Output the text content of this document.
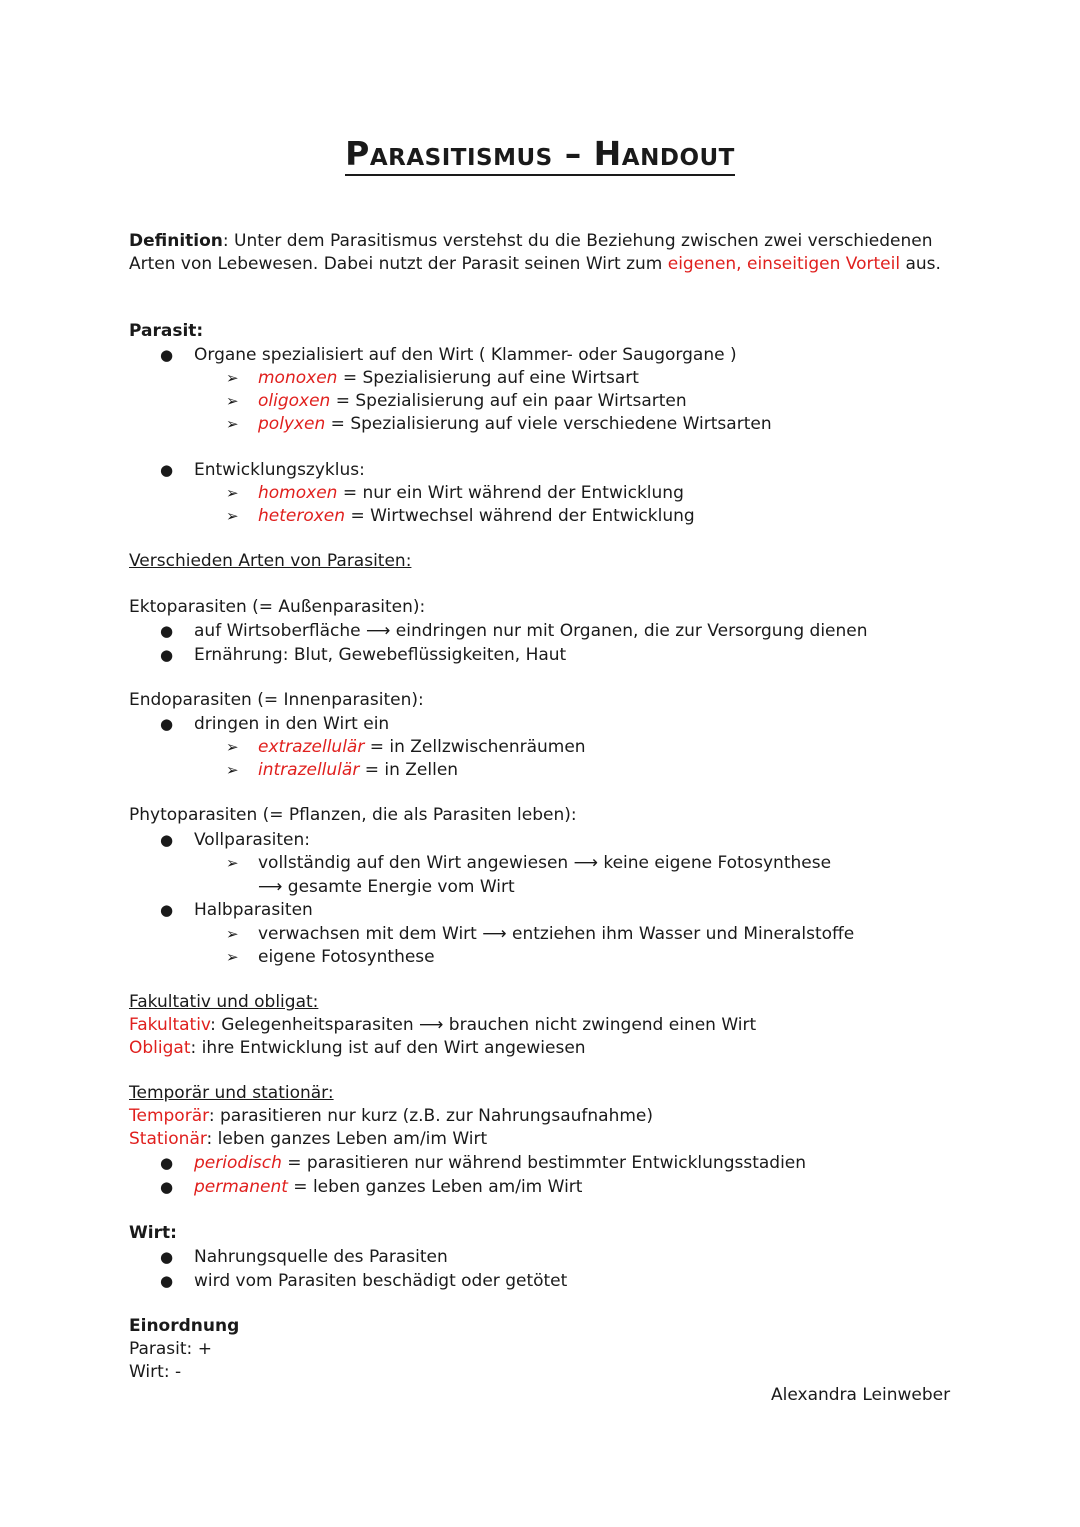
Parasitismus – Handout
Definition: Unter dem Parasitismus verstehst du die Beziehung zwischen zwei verschiedenen
Arten von Lebewesen. Dabei nutzt der Parasit seinen Wirt zum eigenen, einseitigen Vorteil aus.
Parasit:
● Organe spezialisiert auf den Wirt ( Klammer- oder Saugorgane )
➢ monoxen = Spezialisierung auf eine Wirtsart
➢ oligoxen = Spezialisierung auf ein paar Wirtsarten
➢ polyxen = Spezialisierung auf viele verschiedene Wirtsarten
● Entwicklungszyklus:
➢ homoxen = nur ein Wirt während der Entwicklung
➢ heteroxen = Wirtwechsel während der Entwicklung
Verschieden Arten von Parasiten:
Ektoparasiten (= Außenparasiten):
● auf Wirtsoberfläche ⟶ eindringen nur mit Organen, die zur Versorgung dienen
● Ernährung: Blut, Gewebeflüssigkeiten, Haut
Endoparasiten (= Innenparasiten):
● dringen in den Wirt ein
➢ extrazellulär = in Zellzwischenräumen
➢ intrazellulär = in Zellen
Phytoparasiten (= Pflanzen, die als Parasiten leben):
● Vollparasiten:
➢ vollständig auf den Wirt angewiesen ⟶ keine eigene Fotosynthese
⟶ gesamte Energie vom Wirt
● Halbparasiten
➢ verwachsen mit dem Wirt ⟶ entziehen ihm Wasser und Mineralstoffe
➢ eigene Fotosynthese
Fakultativ und obligat:
Fakultativ: Gelegenheitsparasiten ⟶ brauchen nicht zwingend einen Wirt
Obligat: ihre Entwicklung ist auf den Wirt angewiesen
Temporär und stationär:
Temporär: parasitieren nur kurz (z.B. zur Nahrungsaufnahme)
Stationär: leben ganzes Leben am/im Wirt
● periodisch = parasitieren nur während bestimmter Entwicklungsstadien
● permanent = leben ganzes Leben am/im Wirt
Wirt:
● Nahrungsquelle des Parasiten
● wird vom Parasiten beschädigt oder getötet
Einordnung
Parasit: +
Wirt: -
Alexandra Leinweber
